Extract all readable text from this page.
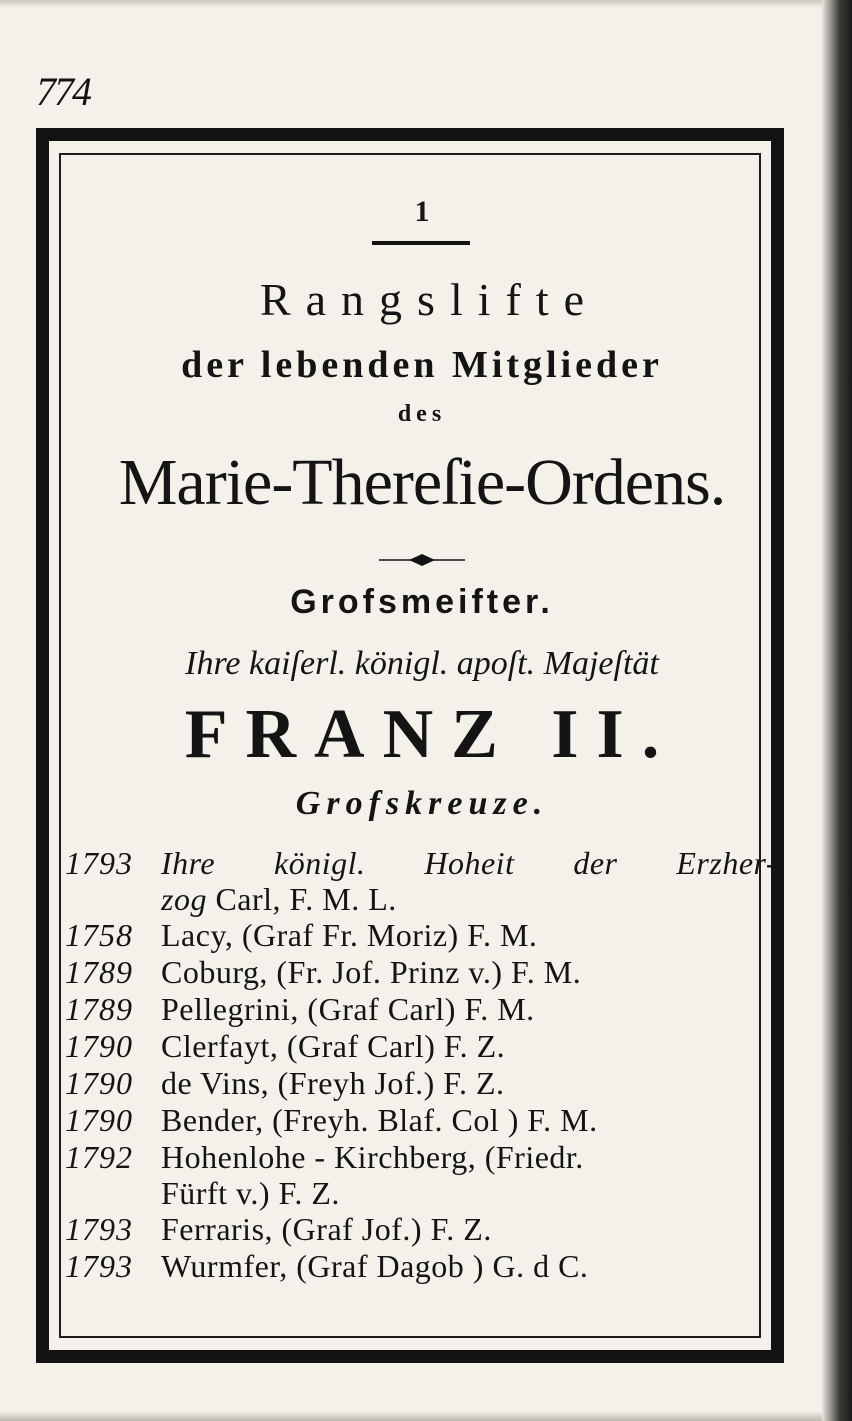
774
1
Rangslifte
der lebenden Mitglieder
des
Marie-Thereſie-Ordens.
Grofsmeifter.
Ihre kaiſerl. königl. apoſt. Majeſtät
FRANZ II.
Grofskreuze.
1793 Ihre königl. Hoheit der Erzher-
zog Carl, F. M. L.
1758 Lacy, (Graf Fr. Moriz) F. M.
1789 Coburg, (Fr. Jof. Prinz v.) F. M.
1789 Pellegrini, (Graf Carl) F. M.
1790 Clerfayt, (Graf Carl) F. Z.
1790 de Vins, (Freyh Jof.) F. Z.
1790 Bender, (Freyh. Blaf. Col ) F. M.
1792 Hohenlohe - Kirchberg, (Friedr.
Fürft v.) F. Z.
1793 Ferraris, (Graf Jof.) F. Z.
1793 Wurmfer, (Graf Dagob ) G. d C.
